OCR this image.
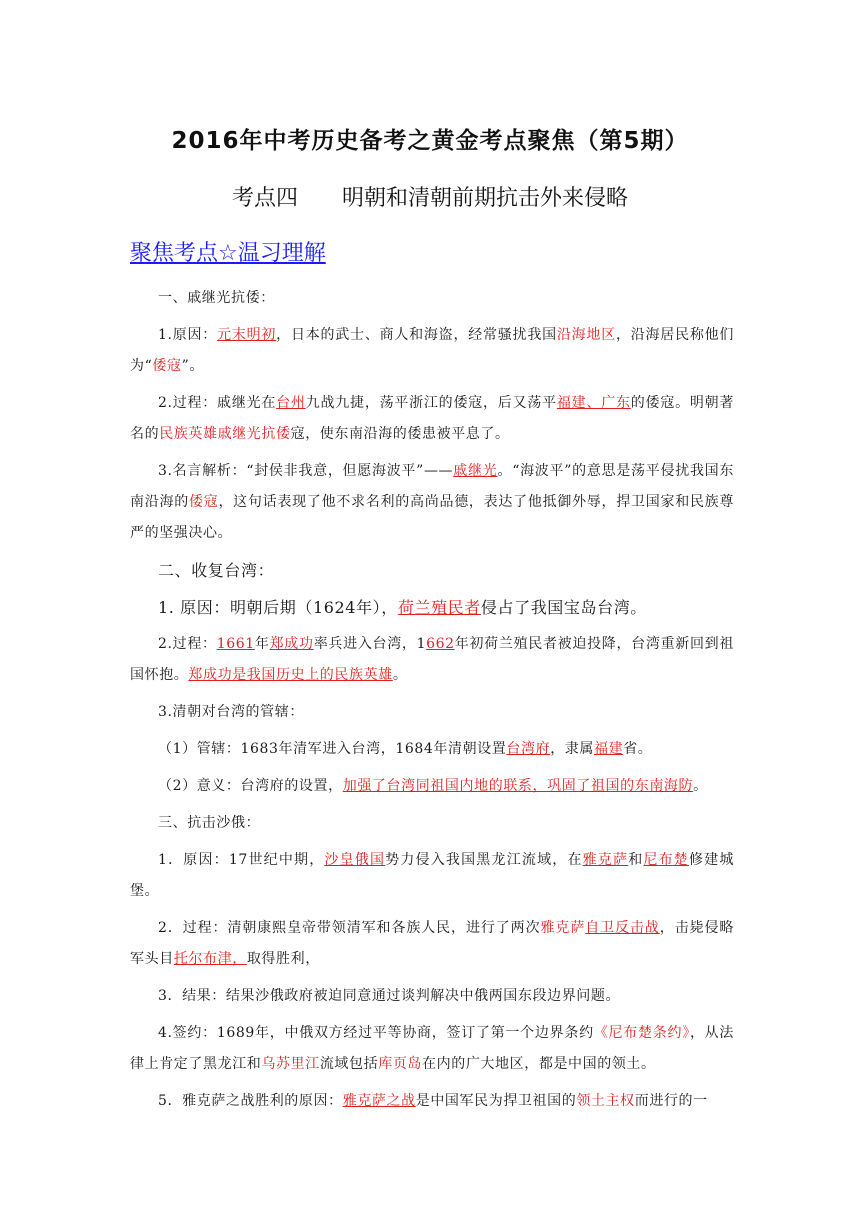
2016年中考历史备考之黄金考点聚焦（第5期）
考点四　　明朝和清朝前期抗击外来侵略
聚焦考点☆温习理解

一、戚继光抗倭：

1.原因：元末明初，日本的武士、商人和海盗，经常骚扰我国沿海地区，沿海居民称他们为“倭寇”。

2.过程：戚继光在台州九战九捷，荡平浙江的倭寇，后又荡平福建、广东的倭寇。明朝著名的民族英雄戚继光抗倭寇，使东南沿海的倭患被平息了。

3.名言解析：“封侯非我意，但愿海波平”——戚继光。“海波平”的意思是荡平侵扰我国东南沿海的倭寇，这句话表现了他不求名利的高尚品德，表达了他抵御外辱，捍卫国家和民族尊严的坚强决心。

二、收复台湾：

1. 原因：明朝后期（1624年），荷兰殖民者侵占了我国宝岛台湾。

2.过程：1661年郑成功率兵进入台湾，1662年初荷兰殖民者被迫投降，台湾重新回到祖国怀抱。郑成功是我国历史上的民族英雄。

3.清朝对台湾的管辖：

（1）管辖：1683年清军进入台湾，1684年清朝设置台湾府，隶属福建省。

（2）意义：台湾府的设置，加强了台湾同祖国内地的联系，巩固了祖国的东南海防。

三、抗击沙俄：

1．原因：17世纪中期，沙皇俄国势力侵入我国黑龙江流域，在雅克萨和尼布楚修建城堡。

2．过程：清朝康熙皇帝带领清军和各族人民，进行了两次雅克萨自卫反击战，击毙侵略军头目托尔布津，取得胜利，

3．结果：结果沙俄政府被迫同意通过谈判解决中俄两国东段边界问题。

4.签约：1689年，中俄双方经过平等协商，签订了第一个边界条约《尼布楚条约》，从法律上肯定了黑龙江和乌苏里江流域包括库页岛在内的广大地区，都是中国的领土。

5．雅克萨之战胜利的原因：雅克萨之战是中国军民为捍卫祖国的领土主权而进行的一
